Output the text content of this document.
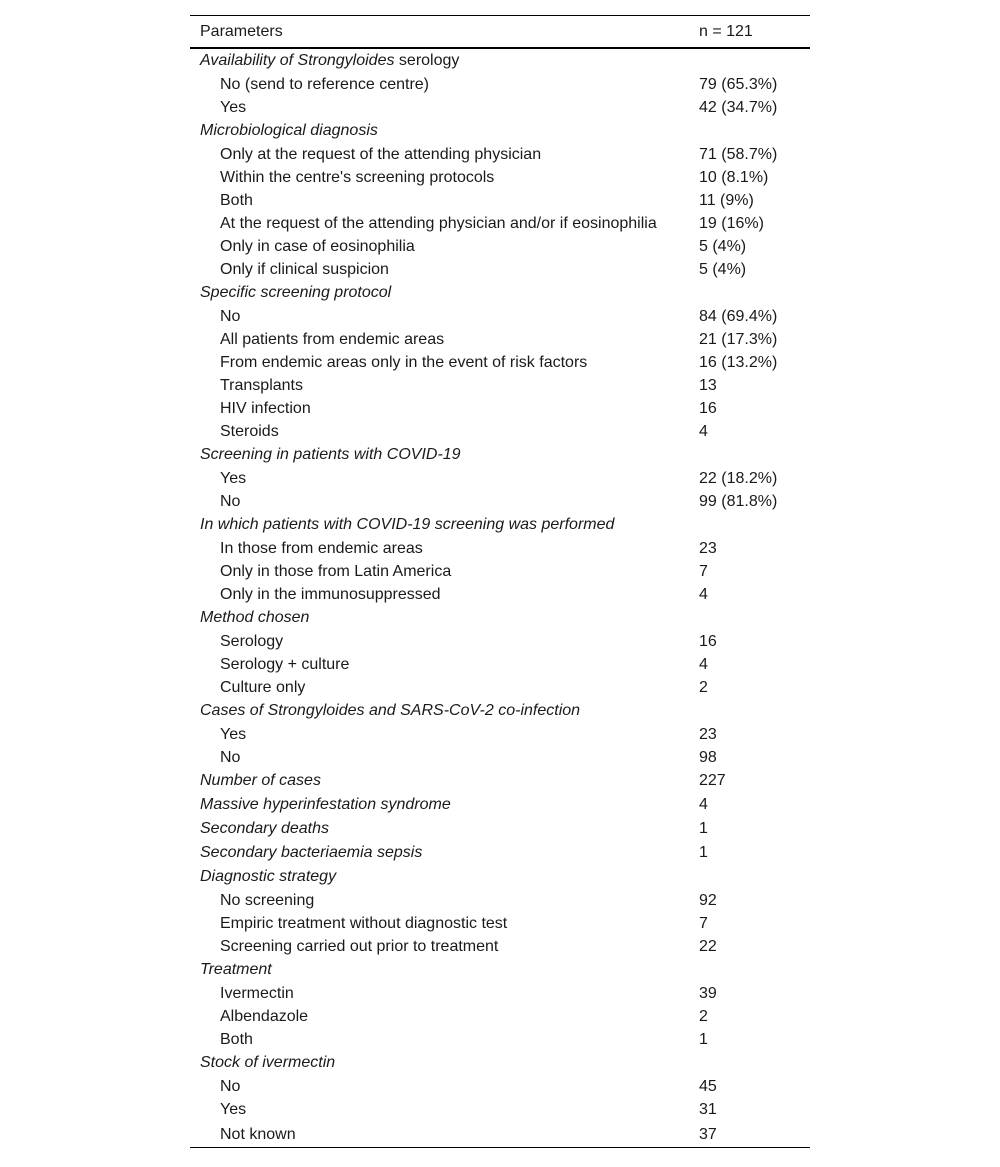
Parameters	n = 121
Availability of Strongyloides serology	
No (send to reference centre)	79 (65.3%)
Yes	42 (34.7%)
Microbiological diagnosis	
Only at the request of the attending physician	71 (58.7%)
Within the centre's screening protocols	10 (8.1%)
Both	11 (9%)
At the request of the attending physician and/or if eosinophilia	19 (16%)
Only in case of eosinophilia	5 (4%)
Only if clinical suspicion	5 (4%)
Specific screening protocol	
No	84 (69.4%)
All patients from endemic areas	21 (17.3%)
From endemic areas only in the event of risk factors	16 (13.2%)
Transplants	13
HIV infection	16
Steroids	4
Screening in patients with COVID-19	
Yes	22 (18.2%)
No	99 (81.8%)
In which patients with COVID-19 screening was performed	
In those from endemic areas	23
Only in those from Latin America	7
Only in the immunosuppressed	4
Method chosen	
Serology	16
Serology + culture	4
Culture only	2
Cases of Strongyloides and SARS-CoV-2 co-infection	
Yes	23
No	98
Number of cases	227
Massive hyperinfestation syndrome	4
Secondary deaths	1
Secondary bacteriaemia sepsis	1
Diagnostic strategy	
No screening	92
Empiric treatment without diagnostic test	7
Screening carried out prior to treatment	22
Treatment	
Ivermectin	39
Albendazole	2
Both	1
Stock of ivermectin	
No	45
Yes	31
Not known	37
